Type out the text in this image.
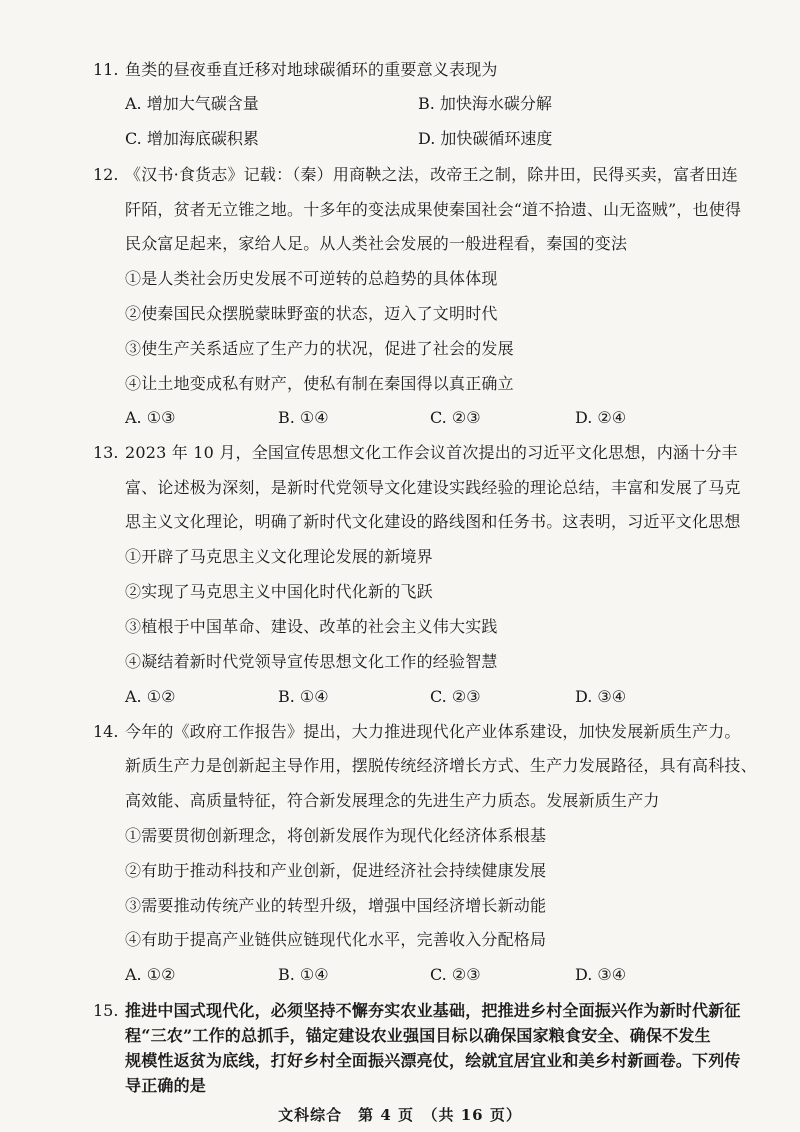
11. 鱼类的昼夜垂直迁移对地球碳循环的重要意义表现为
A. 增加大气碳含量	B. 加快海水碳分解
C. 增加海底碳积累	D. 加快碳循环速度
12. 《汉书·食货志》记载：（秦）用商鞅之法，改帝王之制，除井田，民得买卖，富者田连
阡陌，贫者无立锥之地。十多年的变法成果使秦国社会“道不拾遗、山无盗贼”，也使得
民众富足起来，家给人足。从人类社会发展的一般进程看，秦国的变法
①是人类社会历史发展不可逆转的总趋势的具体体现
②使秦国民众摆脱蒙昧野蛮的状态，迈入了文明时代
③使生产关系适应了生产力的状况，促进了社会的发展
④让土地变成私有财产，使私有制在秦国得以真正确立
A. ①③	B. ①④	C. ②③	D. ②④
13. 2023 年 10 月，全国宣传思想文化工作会议首次提出的习近平文化思想，内涵十分丰
富、论述极为深刻，是新时代党领导文化建设实践经验的理论总结，丰富和发展了马克
思主义文化理论，明确了新时代文化建设的路线图和任务书。这表明，习近平文化思想
①开辟了马克思主义文化理论发展的新境界
②实现了马克思主义中国化时代化新的飞跃
③植根于中国革命、建设、改革的社会主义伟大实践
④凝结着新时代党领导宣传思想文化工作的经验智慧
A. ①②	B. ①④	C. ②③	D. ③④
14. 今年的《政府工作报告》提出，大力推进现代化产业体系建设，加快发展新质生产力。
新质生产力是创新起主导作用，摆脱传统经济增长方式、生产力发展路径，具有高科技、
高效能、高质量特征，符合新发展理念的先进生产力质态。发展新质生产力
①需要贯彻创新理念，将创新发展作为现代化经济体系根基
②有助于推动科技和产业创新，促进经济社会持续健康发展
③需要推动传统产业的转型升级，增强中国经济增长新动能
④有助于提高产业链供应链现代化水平，完善收入分配格局
A. ①②	B. ①④	C. ②③	D. ③④
15. 推进中国式现代化，必须坚持不懈夯实农业基础，把推进乡村全面振兴作为新时代新征
程“三农”工作的总抓手，锚定建设农业强国目标以确保国家粮食安全、确保不发生
规模性返贫为底线，打好乡村全面振兴漂亮仗，绘就宜居宜业和美乡村新画卷。下列传
导正确的是
文科综合　第 4 页　（共 16 页）
